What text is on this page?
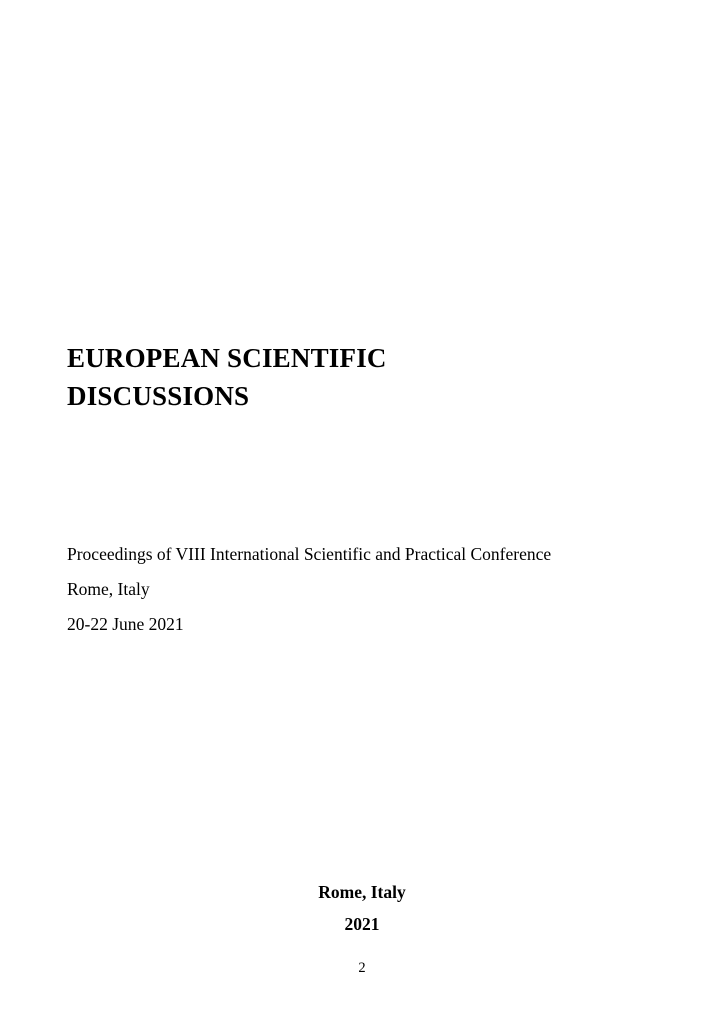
EUROPEAN SCIENTIFIC
DISCUSSIONS
Proceedings of VIII International Scientific and Practical Conference
Rome, Italy
20-22 June 2021
Rome, Italy
2021
2
